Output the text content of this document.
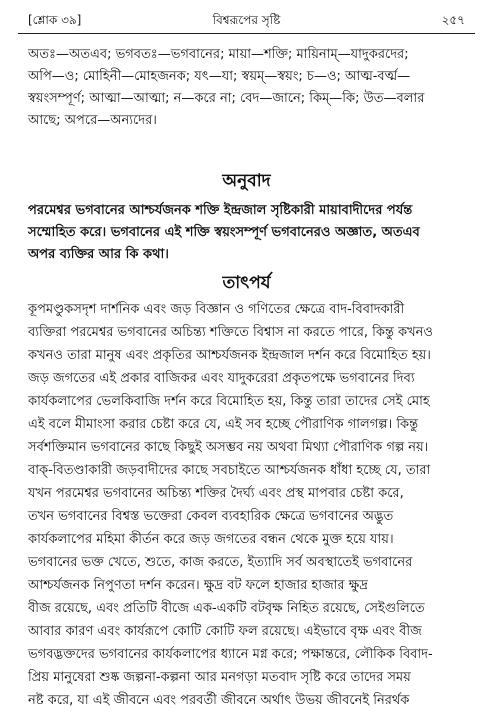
[শ্লোক ৩৯]	বিশ্বরূপের সৃষ্টি	২৫৭

অতঃ—অতএব; ভগবতঃ—ভগবানের; মায়া—শক্তি; মায়িনাম্—যাদুকরদের;

অপি—ও; মোহিনী—মোহজনক; যৎ—যা; স্বয়ম্—স্বয়ং; চ—ও; আত্ম-বর্ত্ম—

স্বয়ংসম্পূর্ণ; আত্মা—আত্মা; ন—করে না; বেদ—জানে; কিম্—কি; উত—বলার

আছে; অপরে—অন্যদের।

অনুবাদ

পরমেশ্বর ভগবানের আশ্চর্যজনক শক্তি ইন্দ্রজাল সৃষ্টিকারী মায়াবাদীদের পর্যন্ত

সম্মোহিত করে। ভগবানের এই শক্তি স্বয়ংসম্পূর্ণ ভগবানেরও অজ্ঞাত, অতএব

অপর ব্যক্তির আর কি কথা।

তাৎপর্য

কূপমণ্ডুকসদৃশ দার্শনিক এবং জড় বিজ্ঞান ও গণিতের ক্ষেত্রে বাদ-বিবাদকারী

ব্যক্তিরা পরমেশ্বর ভগবানের অচিন্ত্য শক্তিতে বিশ্বাস না করতে পারে, কিন্তু কখনও

কখনও তারা মানুষ এবং প্রকৃতির আশ্চর্যজনক ইন্দ্রজাল দর্শন করে বিমোহিত হয়।

জড় জগতের এই প্রকার বাজিকর এবং যাদুকরেরা প্রকৃতপক্ষে ভগবানের দিব্য

কার্যকলাপের ভেলকিবাজি দর্শন করে বিমোহিত হয়, কিন্তু তারা তাদের সেই মোহ

এই বলে মীমাংসা করার চেষ্টা করে যে, এই সব হচ্ছে পৌরাণিক গালগল্প। কিন্তু

সর্বশক্তিমান ভগবানের কাছে কিছুই অসম্ভব নয় অথবা মিথ্যা পৌরাণিক গল্প নয়।

বাক্-বিতণ্ডাকারী জড়বাদীদের কাছে সবচাইতে আশ্চর্যজনক ধাঁধা হচ্ছে যে, তারা

যখন পরমেশ্বর ভগবানের অচিন্ত্য শক্তির দৈর্ঘ্য এবং প্রস্থ মাপবার চেষ্টা করে,

তখন ভগবানের বিশ্বস্ত ভক্তেরা কেবল ব্যবহারিক ক্ষেত্রে ভগবানের অদ্ভুত

কার্যকলাপের মহিমা কীর্তন করে জড় জগতের বন্ধন থেকে মুক্ত হয়ে যায়।

ভগবানের ভক্ত খেতে, শুতে, কাজ করতে, ইত্যাদি সর্ব অবস্থাতেই ভগবানের

আশ্চর্যজনক নিপুণতা দর্শন করেন। ক্ষুদ্র বট ফলে হাজার হাজার ক্ষুদ্র

বীজ রয়েছে, এবং প্রতিটি বীজে এক-একটি বটবৃক্ষ নিহিত রয়েছে, সেইগুলিতে

আবার কারণ এবং কার্যরূপে কোটি কোটি ফল রয়েছে। এইভাবে বৃক্ষ এবং বীজ

ভগবদ্ভক্তদের ভগবানের কার্যকলাপের ধ্যানে মগ্ন করে; পক্ষান্তরে, লৌকিক বিবাদ-

প্রিয় মানুষেরা শুষ্ক জল্পনা-কল্পনা আর মনগড়া মতবাদ সৃষ্টি করে তাদের সময়

নষ্ট করে, যা এই জীবনে এবং পরবর্তী জীবনে অর্থাৎ উভয় জীবনেই নিরর্থক
